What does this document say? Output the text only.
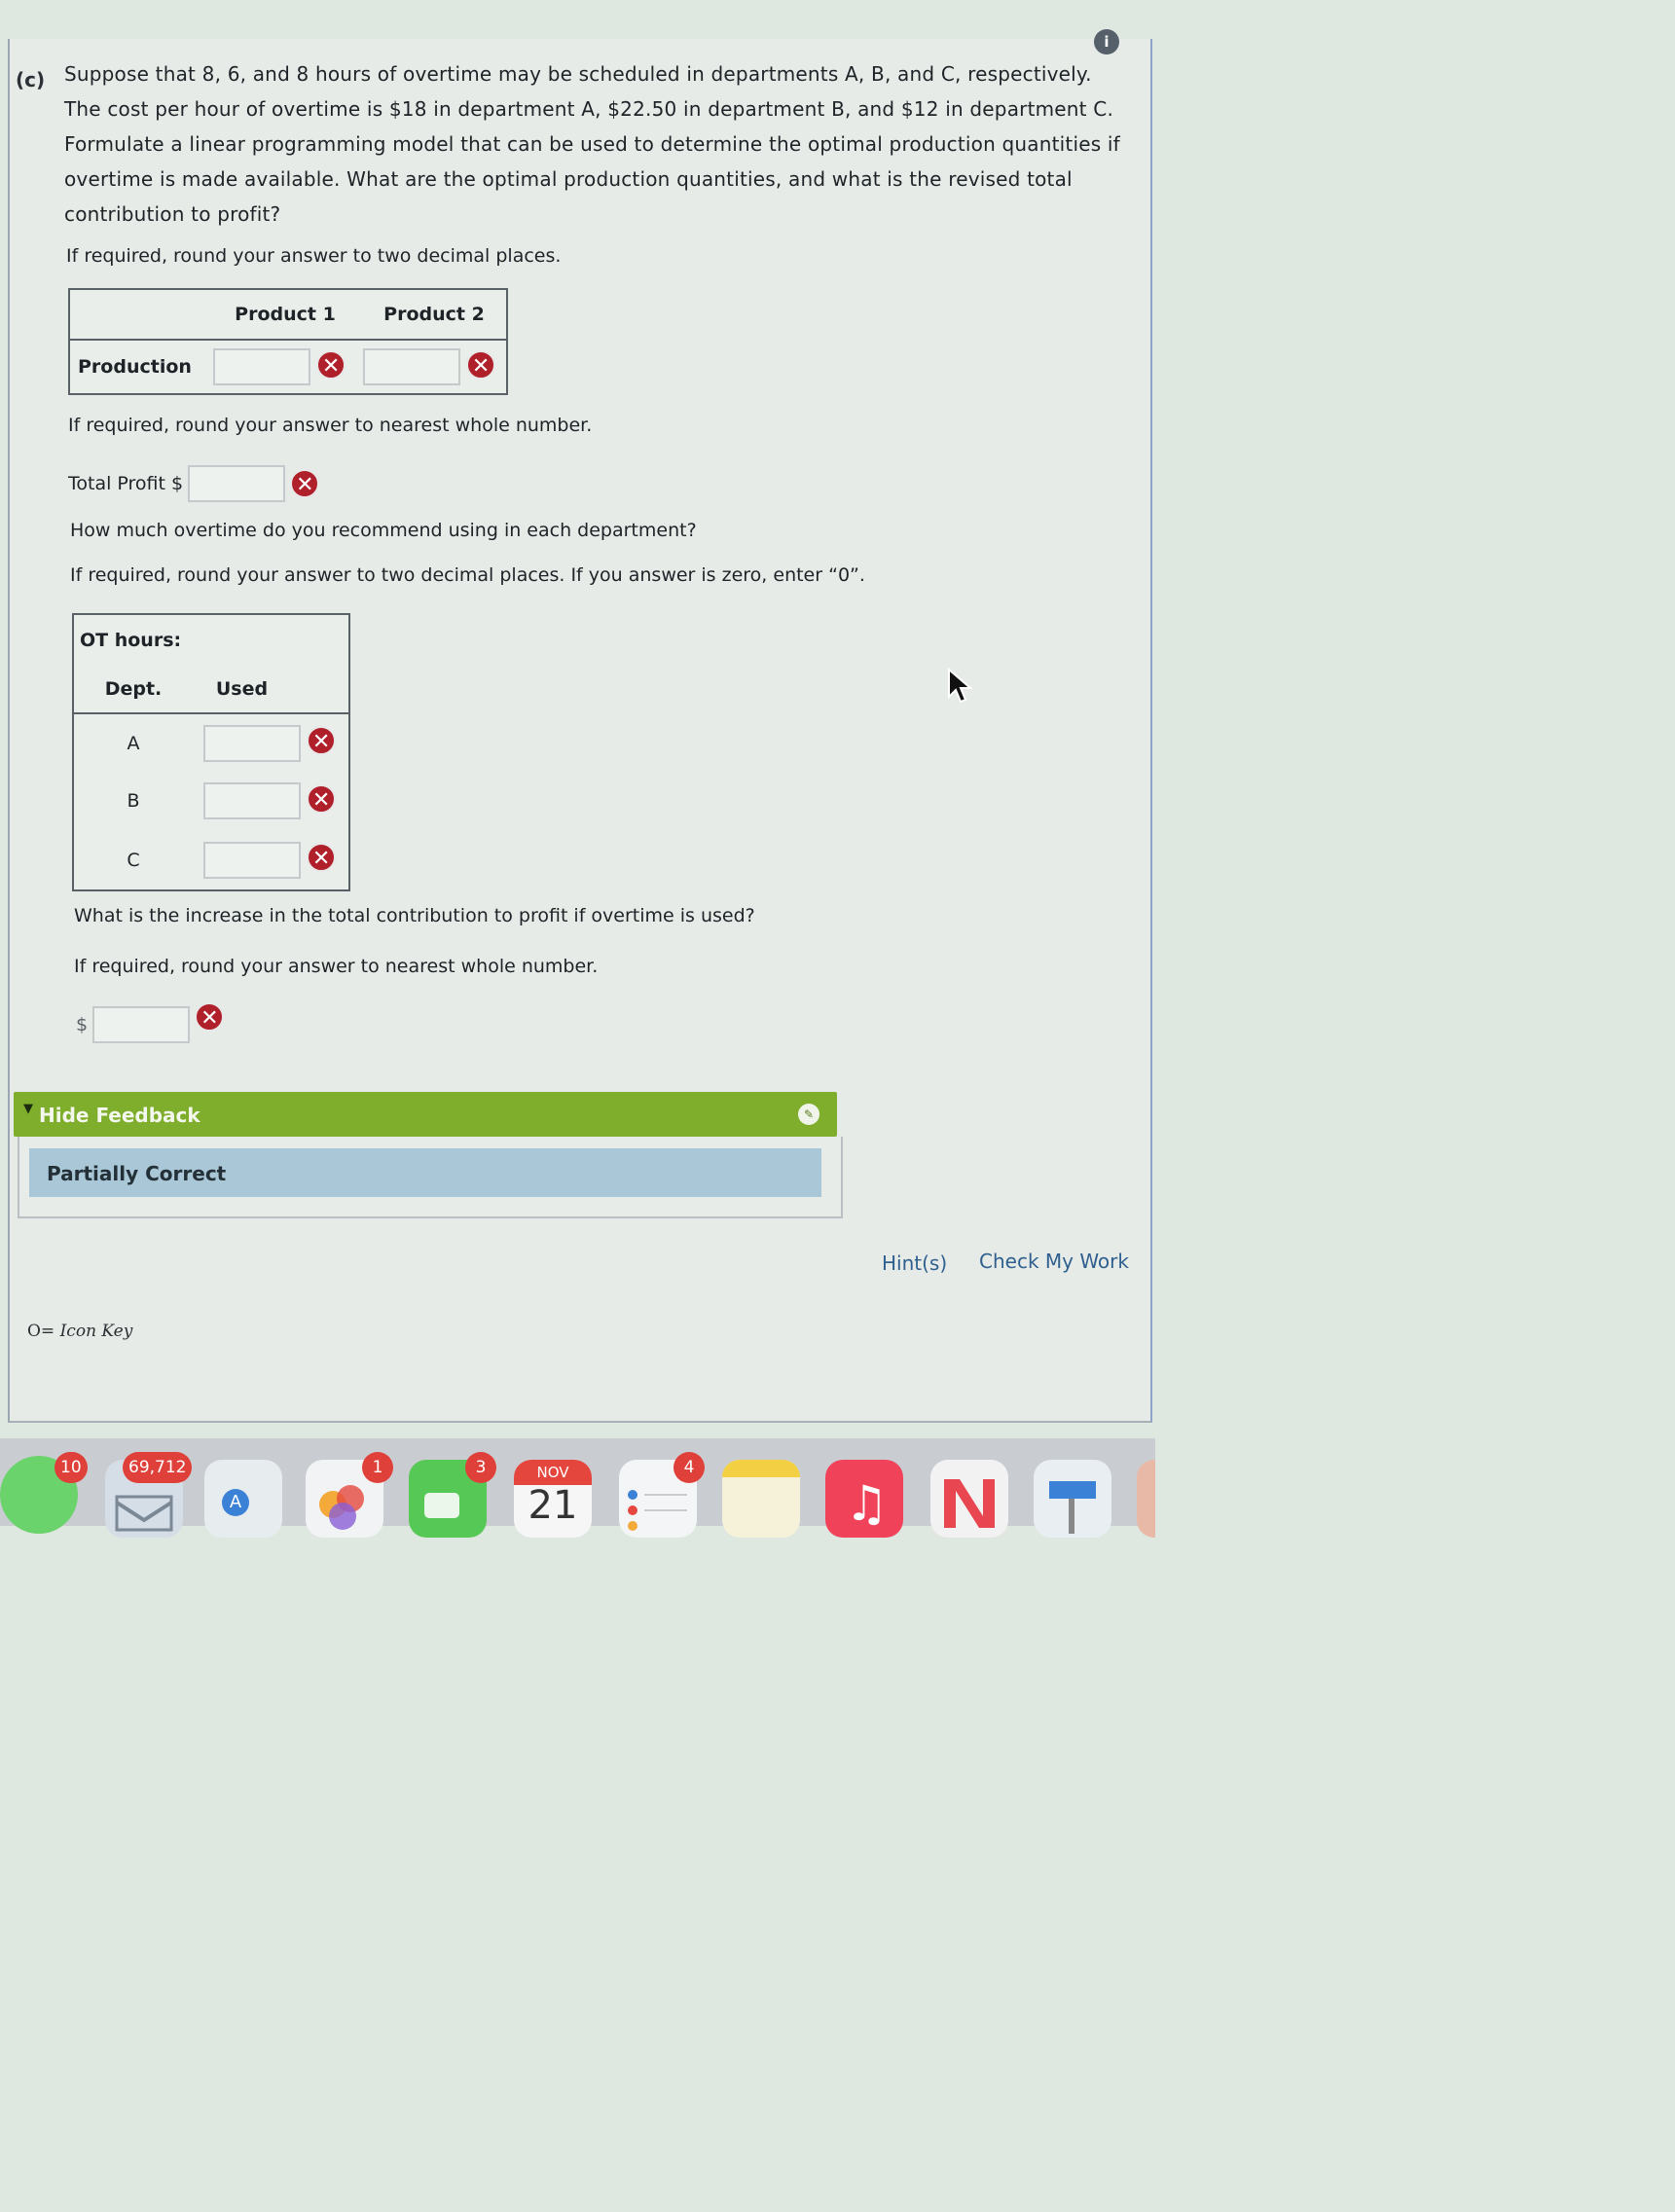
i
(c) Suppose that 8, 6, and 8 hours of overtime may be scheduled in departments A, B, and C, respectively.
The cost per hour of overtime is $18 in department A, $22.50 in department B, and $12 in department C.
Formulate a linear programming model that can be used to determine the optimal production quantities if
overtime is made available. What are the optimal production quantities, and what is the revised total
contribution to profit?
If required, round your answer to two decimal places.
	Product 1	Product 2
Production	✕	✕
If required, round your answer to nearest whole number.
Total Profit $	✕
How much overtime do you recommend using in each department?
If required, round your answer to two decimal places. If you answer is zero, enter “0”.
OT hours:	
Dept.	Used
A	✕
B	✕
C	✕
What is the increase in the total contribution to profit if overtime is used?
If required, round your answer to nearest whole number.
$	✕
▼ Hide Feedback	✎
Partially Correct
Hint(s) Check My Work
O= Icon Key
10	69,712
A
1	3	NOV
21
4
♫
